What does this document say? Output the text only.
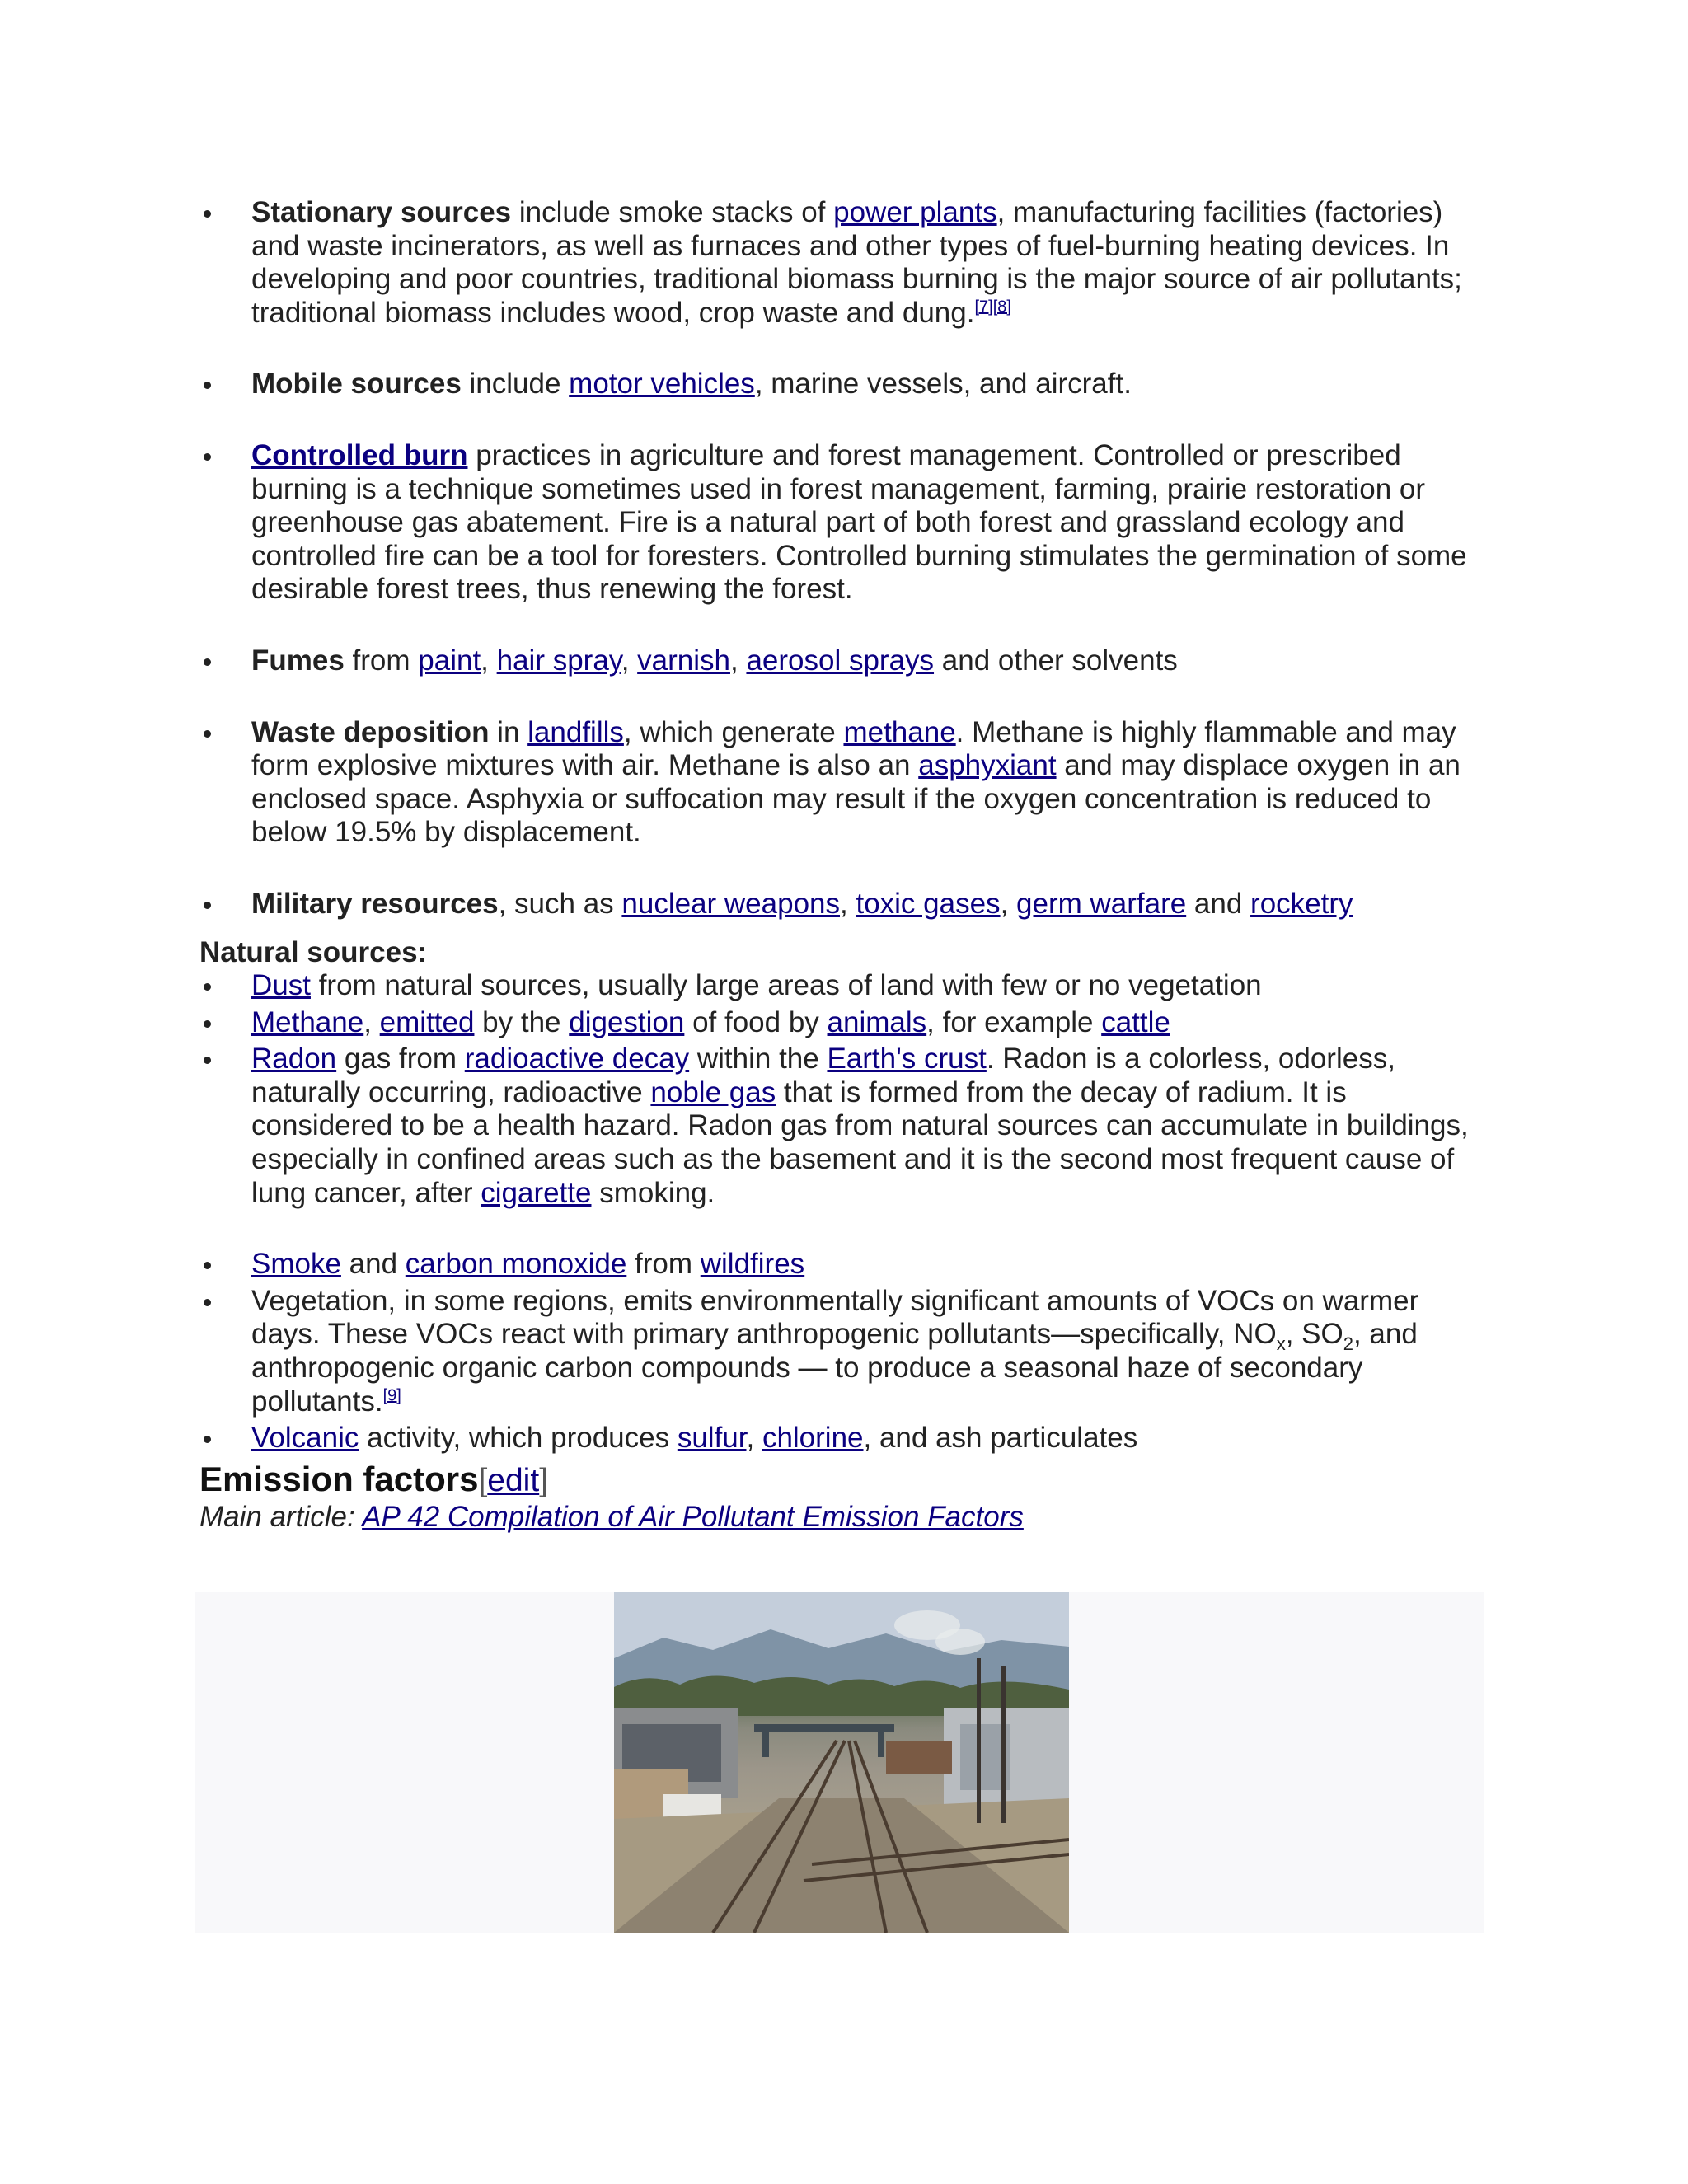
Stationary sources include smoke stacks of power plants, manufacturing facilities (factories) and waste incinerators, as well as furnaces and other types of fuel-burning heating devices. In developing and poor countries, traditional biomass burning is the major source of air pollutants; traditional biomass includes wood, crop waste and dung.[7][8]
Mobile sources include motor vehicles, marine vessels, and aircraft.
Controlled burn practices in agriculture and forest management. Controlled or prescribed burning is a technique sometimes used in forest management, farming, prairie restoration or greenhouse gas abatement. Fire is a natural part of both forest and grassland ecology and controlled fire can be a tool for foresters. Controlled burning stimulates the germination of some desirable forest trees, thus renewing the forest.
Fumes from paint, hair spray, varnish, aerosol sprays and other solvents
Waste deposition in landfills, which generate methane. Methane is highly flammable and may form explosive mixtures with air. Methane is also an asphyxiant and may displace oxygen in an enclosed space. Asphyxia or suffocation may result if the oxygen concentration is reduced to below 19.5% by displacement.
Military resources, such as nuclear weapons, toxic gases, germ warfare and rocketry
Natural sources:
Dust from natural sources, usually large areas of land with few or no vegetation
Methane, emitted by the digestion of food by animals, for example cattle
Radon gas from radioactive decay within the Earth's crust. Radon is a colorless, odorless, naturally occurring, radioactive noble gas that is formed from the decay of radium. It is considered to be a health hazard. Radon gas from natural sources can accumulate in buildings, especially in confined areas such as the basement and it is the second most frequent cause of lung cancer, after cigarette smoking.
Smoke and carbon monoxide from wildfires
Vegetation, in some regions, emits environmentally significant amounts of VOCs on warmer days. These VOCs react with primary anthropogenic pollutants—specifically, $NO_x$, $SO_2$, and anthropogenic organic carbon compounds — to produce a seasonal haze of secondary pollutants.[9]
Volcanic activity, which produces sulfur, chlorine, and ash particulates
Emission factors[edit]
Main article: AP 42 Compilation of Air Pollutant Emission Factors
